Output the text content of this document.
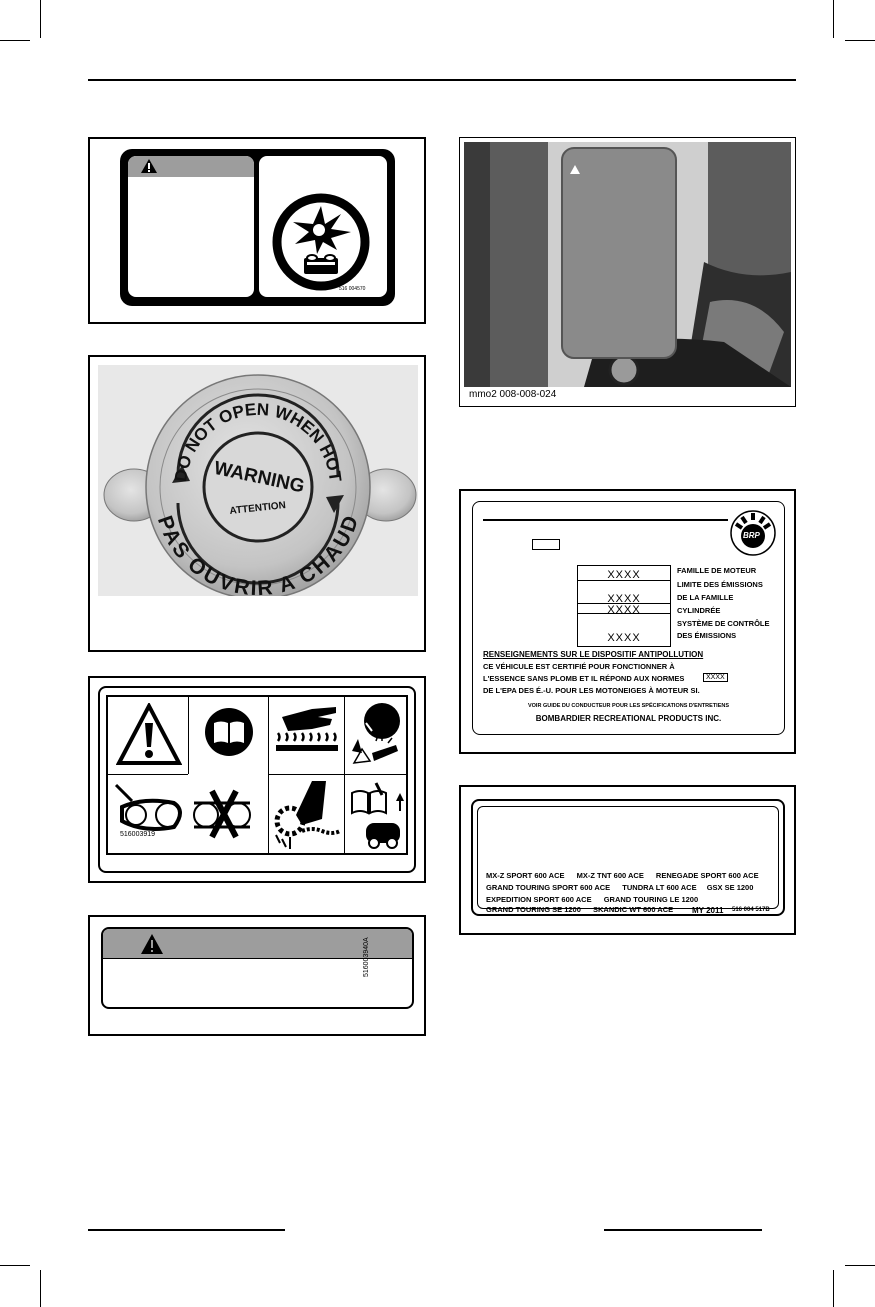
516 004570
DO NOT OPEN WHEN HOT
PAS OUVRIR A CHAUD
WARNING
ATTENTION
516003919
516003940A
mmo2 008-008-024
BRP
XXXX
XXXX
XXXX
XXXX
FAMILLE DE MOTEUR
LIMITE DES ÉMISSIONS
DE LA FAMILLE
CYLINDRÉE
SYSTÈME DE CONTRÔLE
DES ÉMISSIONS
RENSEIGNEMENTS SUR LE DISPOSITIF ANTIPOLLUTION
CE VÉHICULE EST CERTIFIÉ POUR FONCTIONNER À
L'ESSENCE SANS PLOMB ET IL RÉPOND AUX NORMES	XXXX
DE L'EPA DES É.-U. POUR LES MOTONEIGES À MOTEUR SI.
VOIR GUIDE DU CONDUCTEUR POUR LES SPÉCIFICATIONS D'ENTRETIENS
BOMBARDIER RECREATIONAL PRODUCTS INC.
MX-Z SPORT 600 ACE MX-Z TNT 600 ACE RENEGADE SPORT 600 ACE
GRAND TOURING SPORT 600 ACE TUNDRA LT 600 ACE GSX SE 1200
EXPEDITION SPORT 600 ACE GRAND TOURING LE 1200
GRAND TOURING SE 1200 SKANDIC WT 600 ACE MY 2011 516 004 517B
